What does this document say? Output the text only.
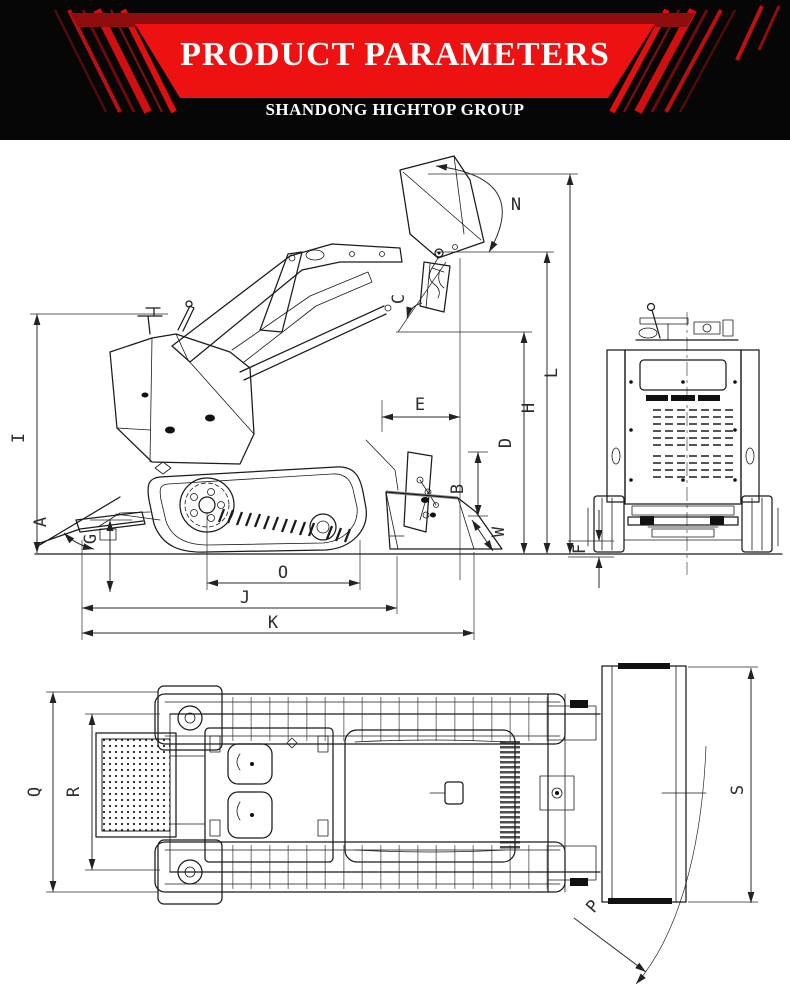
PRODUCT PARAMETERS
SHANDONG HIGHTOP GROUP
N
C
L
H
E
D
B
W
F
I
A
G
O
J
K
Q R	S
P
